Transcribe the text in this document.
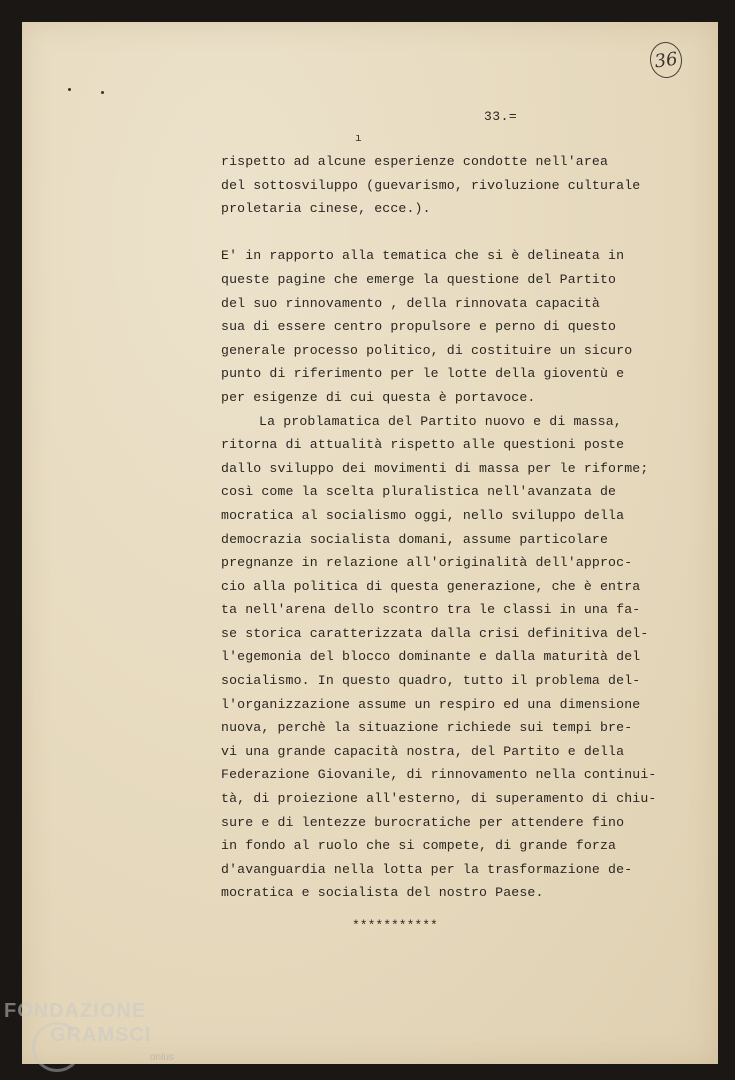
36
33.=
ı
rispetto ad alcune esperienze condotte nell'area
del sottosviluppo (guevarismo, rivoluzione culturale
proletaria cinese, ecce.).
E' in rapporto alla tematica che si è delineata in
queste pagine che emerge la questione del Partito
del suo rinnovamento , della rinnovata capacità
sua di essere centro propulsore e perno di questo
generale processo politico, di costituire un sicuro
punto di riferimento per le lotte della gioventù e
per esigenze di cui questa è portavoce.
La problamatica del Partito nuovo e di massa,
ritorna di attualità rispetto alle questioni poste
dallo sviluppo dei movimenti di massa per le riforme;
così come la scelta pluralistica nell'avanzata de
mocratica al socialismo oggi, nello sviluppo della
democrazia socialista domani, assume particolare
pregnanze in relazione all'originalità dell'approc-
cio alla politica di questa generazione, che è entra
ta nell'arena dello scontro tra le classi in una fa-
se storica caratterizzata dalla crisi definitiva del-
l'egemonia del blocco dominante e dalla maturità del
socialismo. In questo quadro, tutto il problema del-
l'organizzazione assume un respiro ed una dimensione
nuova, perchè la situazione richiede sui tempi bre-
vi una grande capacità nostra, del Partito e della
Federazione Giovanile, di rinnovamento nella continui-
tà, di proiezione all'esterno, di superamento di chiu-
sure e di lentezze burocratiche per attendere fino
in fondo al ruolo che si compete, di grande forza
d'avanguardia nella lotta per la trasformazione de-
mocratica e socialista del nostro Paese.
***********
FONDAZIONE
GRAMSCI
onlus
